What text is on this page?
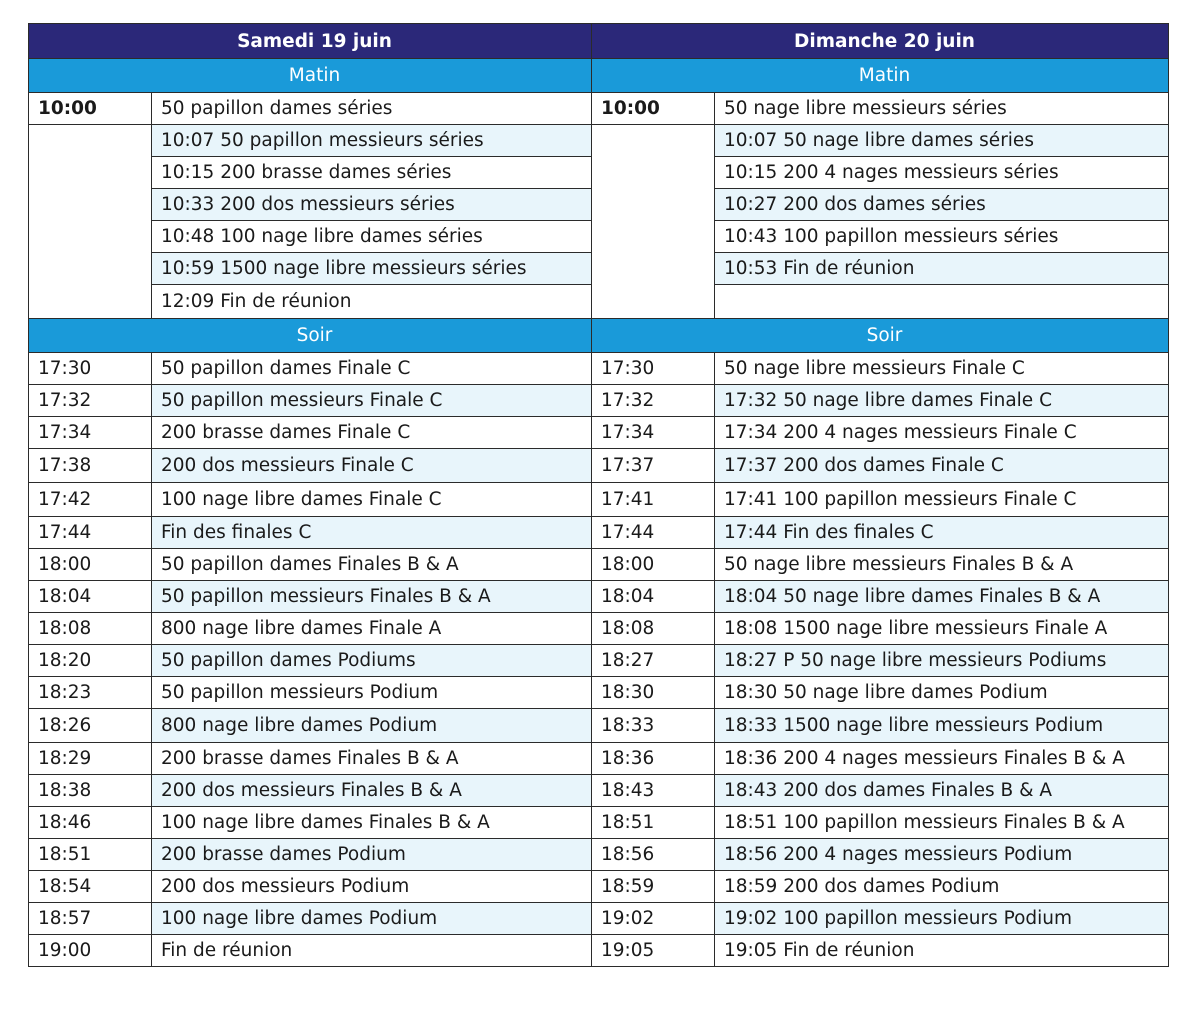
Samedi 19 juin		Dimanche 20 juin	
Matin		Matin	
10:00	50 papillon dames séries	10:00	50 nage libre messieurs séries
	10:07 50 papillon messieurs séries		10:07 50 nage libre dames séries
	10:15 200 brasse dames séries		10:15 200 4 nages messieurs séries
	10:33 200 dos messieurs séries		10:27 200 dos dames séries
	10:48 100 nage libre dames séries		10:43 100 papillon messieurs séries
	10:59 1500 nage libre messieurs séries		10:53 Fin de réunion
	12:09 Fin de réunion		
Soir		Soir	
17:30	50 papillon dames Finale C	17:30	50 nage libre messieurs Finale C
17:32	50 papillon messieurs Finale C	17:32	17:32 50 nage libre dames Finale C
17:34	200 brasse dames Finale C	17:34	17:34 200 4 nages messieurs Finale C
17:38	200 dos messieurs Finale C	17:37	17:37 200 dos dames Finale C
17:42	100 nage libre dames Finale C	17:41	17:41 100 papillon messieurs Finale C
17:44	Fin des finales C	17:44	17:44 Fin des finales C
18:00	50 papillon dames Finales B & A	18:00	50 nage libre messieurs Finales B & A
18:04	50 papillon messieurs Finales B & A	18:04	18:04 50 nage libre dames Finales B & A
18:08	800 nage libre dames Finale A	18:08	18:08 1500 nage libre messieurs Finale A
18:20	50 papillon dames Podiums	18:27	18:27 P 50 nage libre messieurs Podiums
18:23	50 papillon messieurs Podium	18:30	18:30 50 nage libre dames Podium
18:26	800 nage libre dames Podium	18:33	18:33 1500 nage libre messieurs Podium
18:29	200 brasse dames Finales B & A	18:36	18:36 200 4 nages messieurs Finales B & A
18:38	200 dos messieurs Finales B & A	18:43	18:43 200 dos dames Finales B & A
18:46	100 nage libre dames Finales B & A	18:51	18:51 100 papillon messieurs Finales B & A
18:51	200 brasse dames Podium	18:56	18:56 200 4 nages messieurs Podium
18:54	200 dos messieurs Podium	18:59	18:59 200 dos dames Podium
18:57	100 nage libre dames Podium	19:02	19:02 100 papillon messieurs Podium
19:00	Fin de réunion	19:05	19:05 Fin de réunion
